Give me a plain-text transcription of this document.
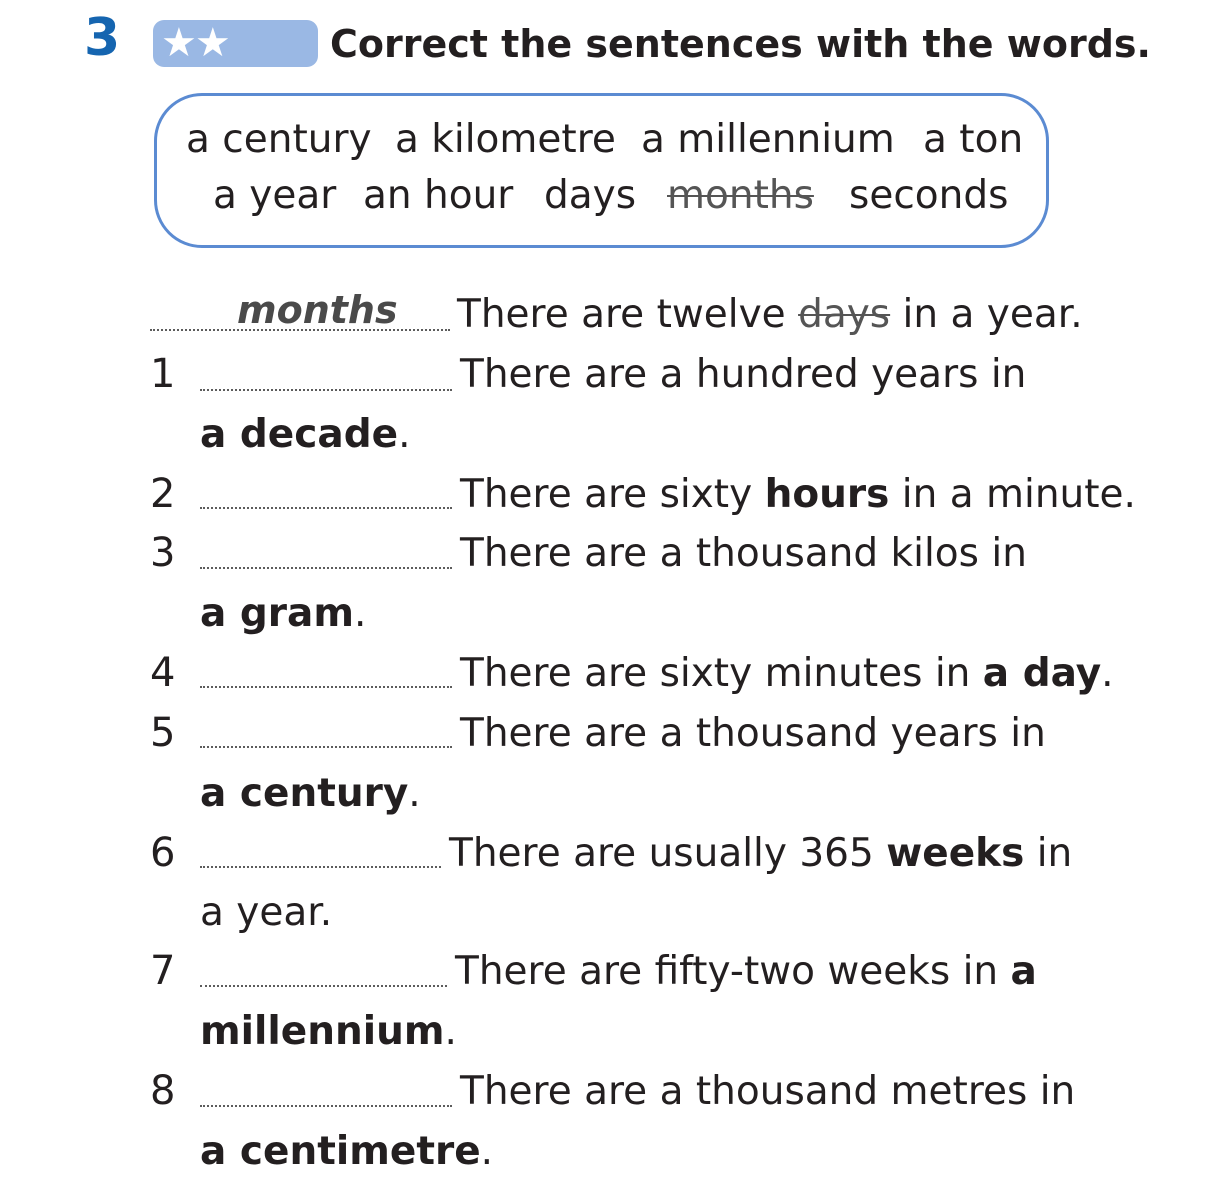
3 ★★	Correct the sentences with the words.
a century a kilometre a millennium a ton
a year an hour days months seconds
months There are twelve days in a year.
1	There are a hundred years in
a decade.
2	There are sixty hours in a minute.
3	There are a thousand kilos in
a gram.
4	There are sixty minutes in a day.
5	There are a thousand years in
a century.
6	There are usually 365 weeks in
a year.
7	There are fifty-two weeks in a
millennium.
8	There are a thousand metres in
a centimetre.
